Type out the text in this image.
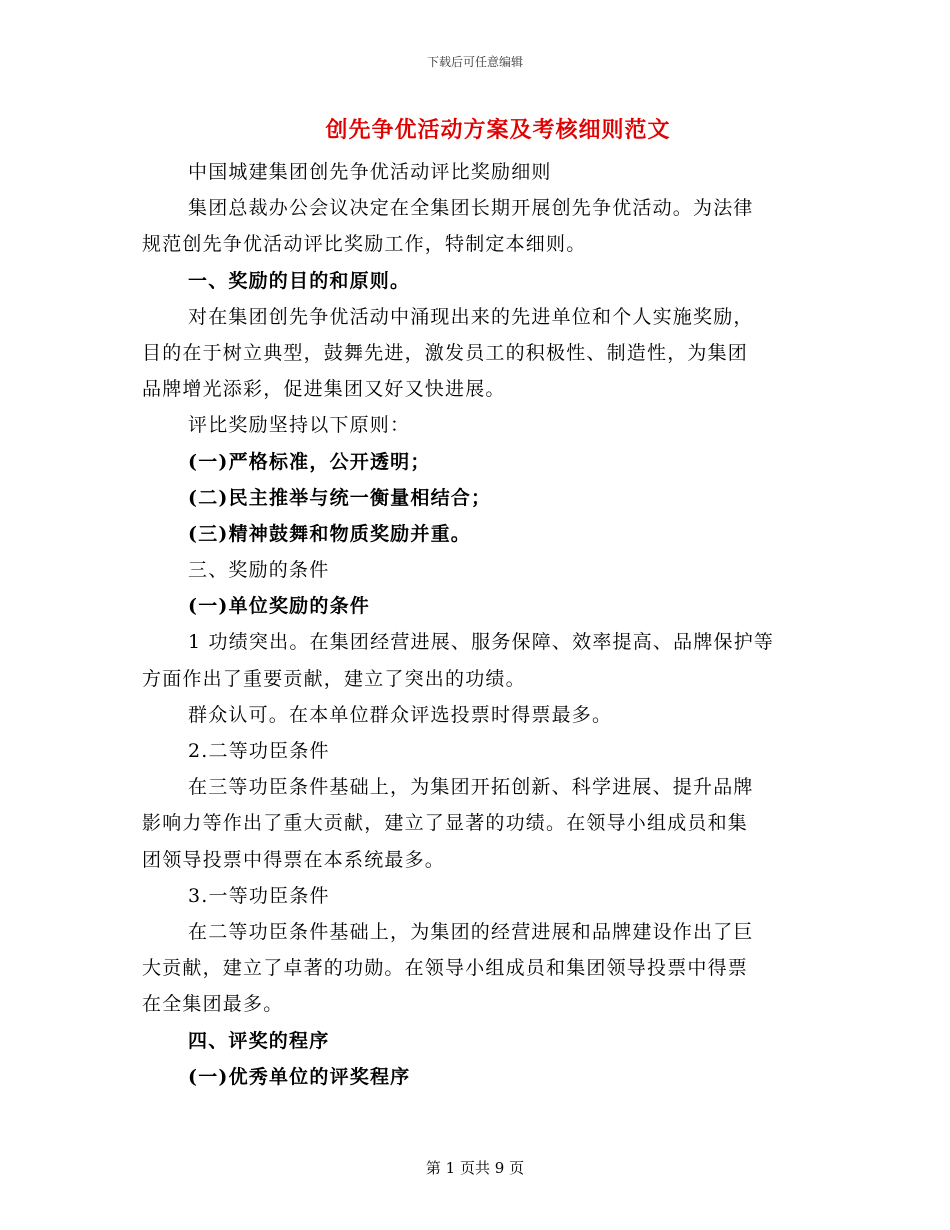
下载后可任意编辑
创先争优活动方案及考核细则范文
中国城建集团创先争优活动评比奖励细则
集团总裁办公会议决定在全集团长期开展创先争优活动。为法律
规范创先争优活动评比奖励工作，特制定本细则。
一、奖励的目的和原则。
对在集团创先争优活动中涌现出来的先进单位和个人实施奖励，
目的在于树立典型，鼓舞先进，激发员工的积极性、制造性，为集团
品牌增光添彩，促进集团又好又快进展。
评比奖励坚持以下原则：
(一)严格标准，公开透明；
(二)民主推举与统一衡量相结合；
(三)精神鼓舞和物质奖励并重。
三、奖励的条件
(一)单位奖励的条件
1 功绩突出。在集团经营进展、服务保障、效率提高、品牌保护等
方面作出了重要贡献，建立了突出的功绩。
群众认可。在本单位群众评选投票时得票最多。
2.二等功臣条件
在三等功臣条件基础上，为集团开拓创新、科学进展、提升品牌
影响力等作出了重大贡献，建立了显著的功绩。在领导小组成员和集
团领导投票中得票在本系统最多。
3.一等功臣条件
在二等功臣条件基础上，为集团的经营进展和品牌建设作出了巨
大贡献，建立了卓著的功勋。在领导小组成员和集团领导投票中得票
在全集团最多。
四、评奖的程序
(一)优秀单位的评奖程序
第 1 页共 9 页
